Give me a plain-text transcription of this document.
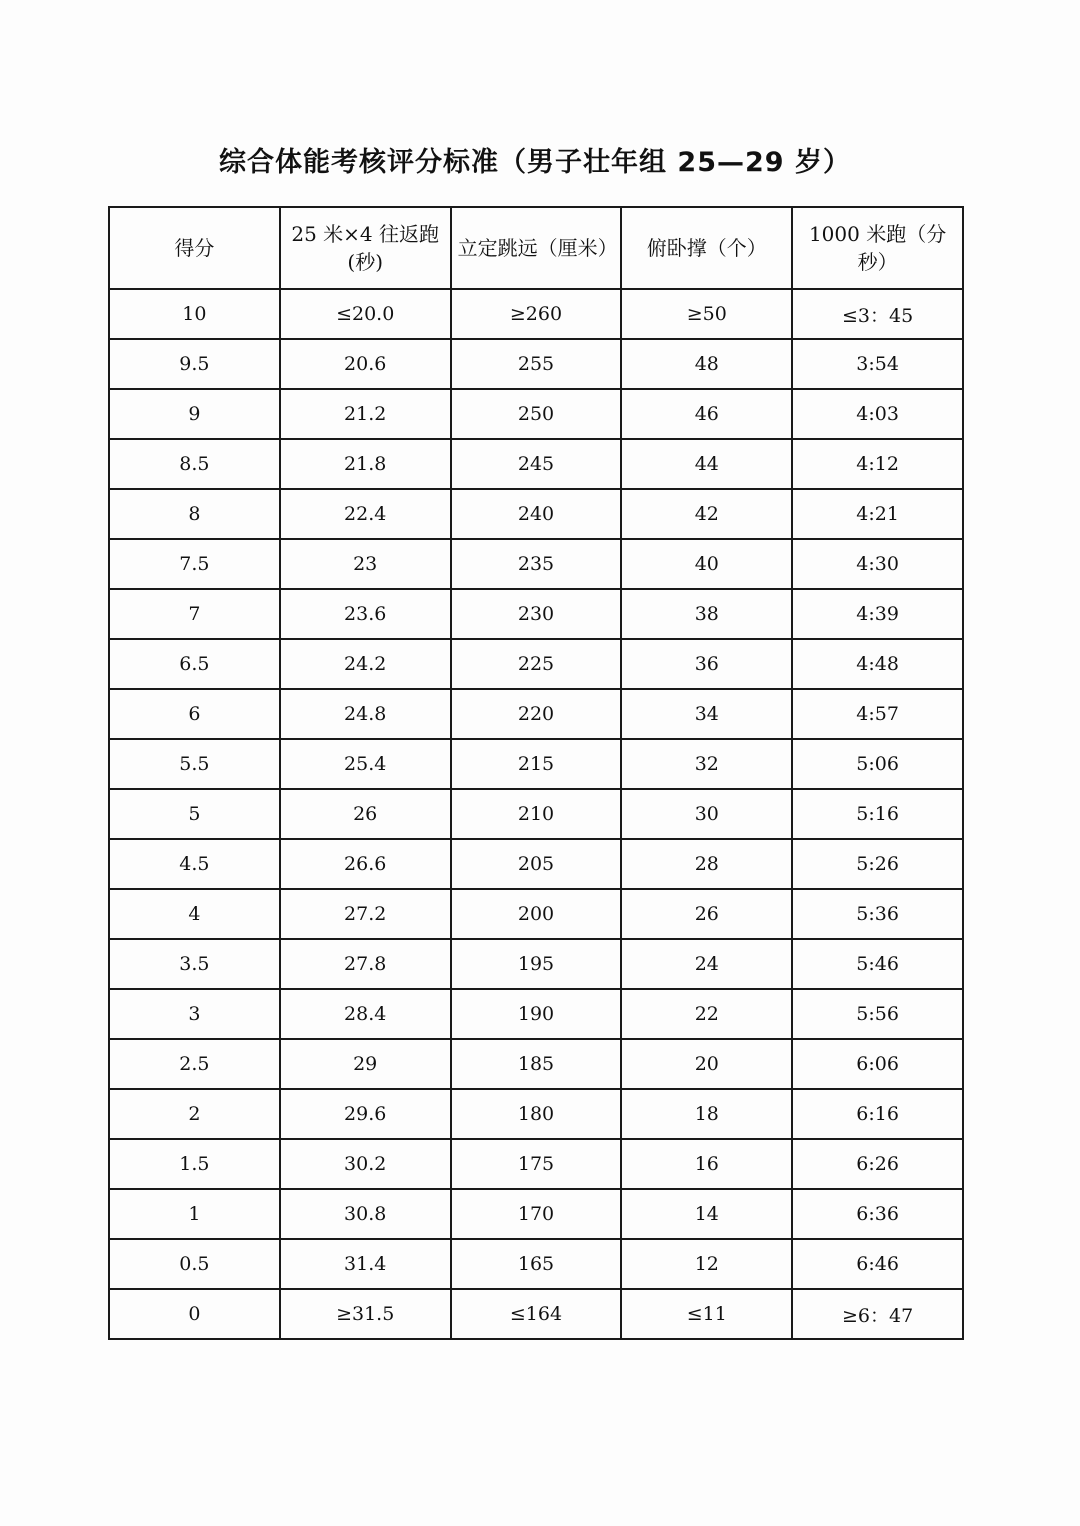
综合体能考核评分标准（男子壮年组 25—29 岁）
得分	25 米×4 往返跑(秒)	立定跳远（厘米）	俯卧撑（个）	1000 米跑（分秒）
10	≤20.0	≥260	≥50	≤3：45
9.5	20.6	255	48	3:54
9	21.2	250	46	4:03
8.5	21.8	245	44	4:12
8	22.4	240	42	4:21
7.5	23	235	40	4:30
7	23.6	230	38	4:39
6.5	24.2	225	36	4:48
6	24.8	220	34	4:57
5.5	25.4	215	32	5:06
5	26	210	30	5:16
4.5	26.6	205	28	5:26
4	27.2	200	26	5:36
3.5	27.8	195	24	5:46
3	28.4	190	22	5:56
2.5	29	185	20	6:06
2	29.6	180	18	6:16
1.5	30.2	175	16	6:26
1	30.8	170	14	6:36
0.5	31.4	165	12	6:46
0	≥31.5	≤164	≤11	≥6：47
